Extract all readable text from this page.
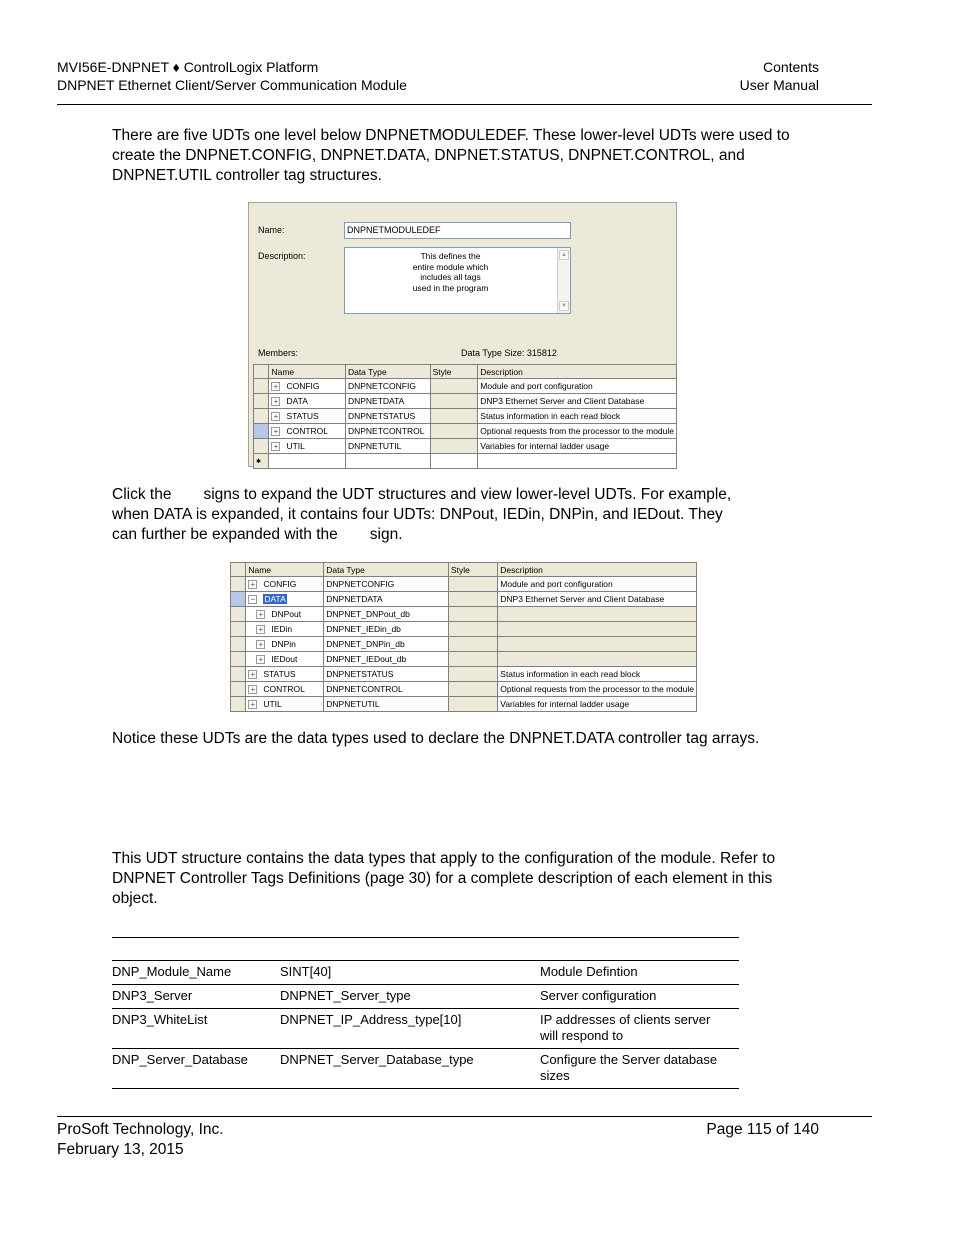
MVI56E-DNPNET ♦ ControlLogix Platform
DNPNET Ethernet Client/Server Communication Module
Contents
User Manual
There are five UDTs one level below DNPNETMODULEDEF. These lower-level UDTs were used to create the DNPNET.CONFIG, DNPNET.DATA, DNPNET.STATUS, DNPNET.CONTROL, and DNPNET.UTIL controller tag structures.
Name:	DNPNETMODULEDEF
Description:	This defines the
entire module which
includes all tags
used in the program
▲
▼
Members:	Data Type Size: 315812
	Name	Data Type	Style	Description
	+ CONFIG	DNPNETCONFIG		Module and port configuration
	+ DATA	DNPNETDATA		DNP3 Ethernet Server and Client Database
	+ STATUS	DNPNETSTATUS		Status information in each read block
	+ CONTROL	DNPNETCONTROL		Optional requests from the processor to the module
	+ UTIL	DNPNETUTIL		Variables for internal ladder usage
✱				
Click the signs to expand the UDT structures and view lower-level UDTs. For example,
when DATA is expanded, it contains four UDTs: DNPout, IEDin, DNPin, and IEDout. They
can further be expanded with the sign.
	Name	Data Type	Style	Description
	+ CONFIG	DNPNETCONFIG		Module and port configuration
	− DATA	DNPNETDATA		DNP3 Ethernet Server and Client Database
	+ DNPout	DNPNET_DNPout_db		
	+ IEDin	DNPNET_IEDin_db		
	+ DNPin	DNPNET_DNPin_db		
	+ IEDout	DNPNET_IEDout_db		
	+ STATUS	DNPNETSTATUS		Status information in each read block
	+ CONTROL	DNPNETCONTROL		Optional requests from the processor to the module
	+ UTIL	DNPNETUTIL		Variables for internal ladder usage
Notice these UDTs are the data types used to declare the DNPNET.DATA controller tag arrays.
This UDT structure contains the data types that apply to the configuration of the module. Refer to DNPNET Controller Tags Definitions (page 30) for a complete description of each element in this object.

DNP_Module_Name	SINT[40]	Module Defintion
DNP3_Server	DNPNET_Server_type	Server configuration
DNP3_WhiteList	DNPNET_IP_Address_type[10]	IP addresses of clients server will respond to
DNP_Server_Database	DNPNET_Server_Database_type	Configure the Server database sizes
ProSoft Technology, Inc.
February 13, 2015
Page 115 of 140
